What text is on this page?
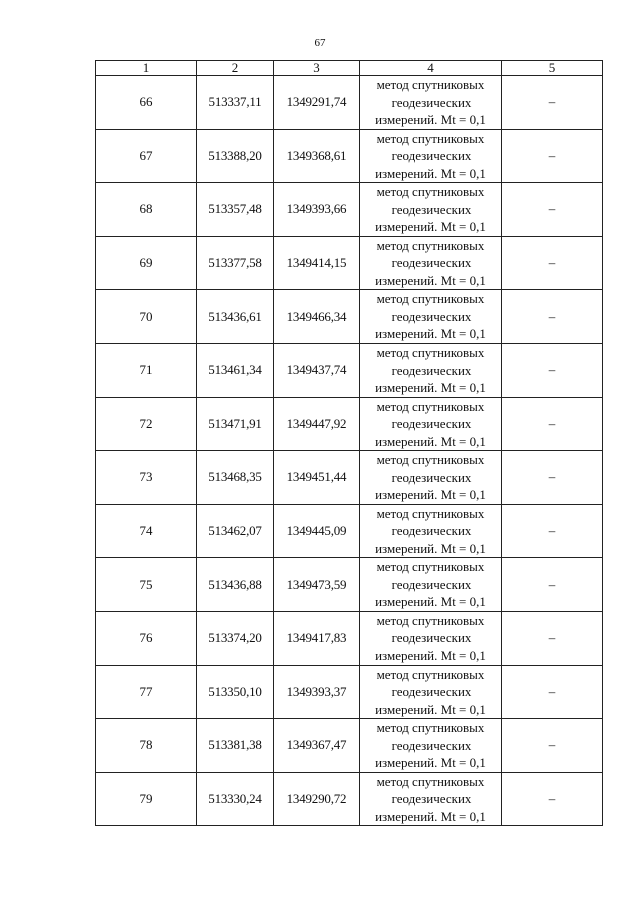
67
1	2	3	4	5
66	513337,11	1349291,74	метод спутниковых
геодезических
измерений. Mt = 0,1	–
67	513388,20	1349368,61	метод спутниковых
геодезических
измерений. Mt = 0,1	–
68	513357,48	1349393,66	метод спутниковых
геодезических
измерений. Mt = 0,1	–
69	513377,58	1349414,15	метод спутниковых
геодезических
измерений. Mt = 0,1	–
70	513436,61	1349466,34	метод спутниковых
геодезических
измерений. Mt = 0,1	–
71	513461,34	1349437,74	метод спутниковых
геодезических
измерений. Mt = 0,1	–
72	513471,91	1349447,92	метод спутниковых
геодезических
измерений. Mt = 0,1	–
73	513468,35	1349451,44	метод спутниковых
геодезических
измерений. Mt = 0,1	–
74	513462,07	1349445,09	метод спутниковых
геодезических
измерений. Mt = 0,1	–
75	513436,88	1349473,59	метод спутниковых
геодезических
измерений. Mt = 0,1	–
76	513374,20	1349417,83	метод спутниковых
геодезических
измерений. Mt = 0,1	–
77	513350,10	1349393,37	метод спутниковых
геодезических
измерений. Mt = 0,1	–
78	513381,38	1349367,47	метод спутниковых
геодезических
измерений. Mt = 0,1	–
79	513330,24	1349290,72	метод спутниковых
геодезических
измерений. Mt = 0,1	–
